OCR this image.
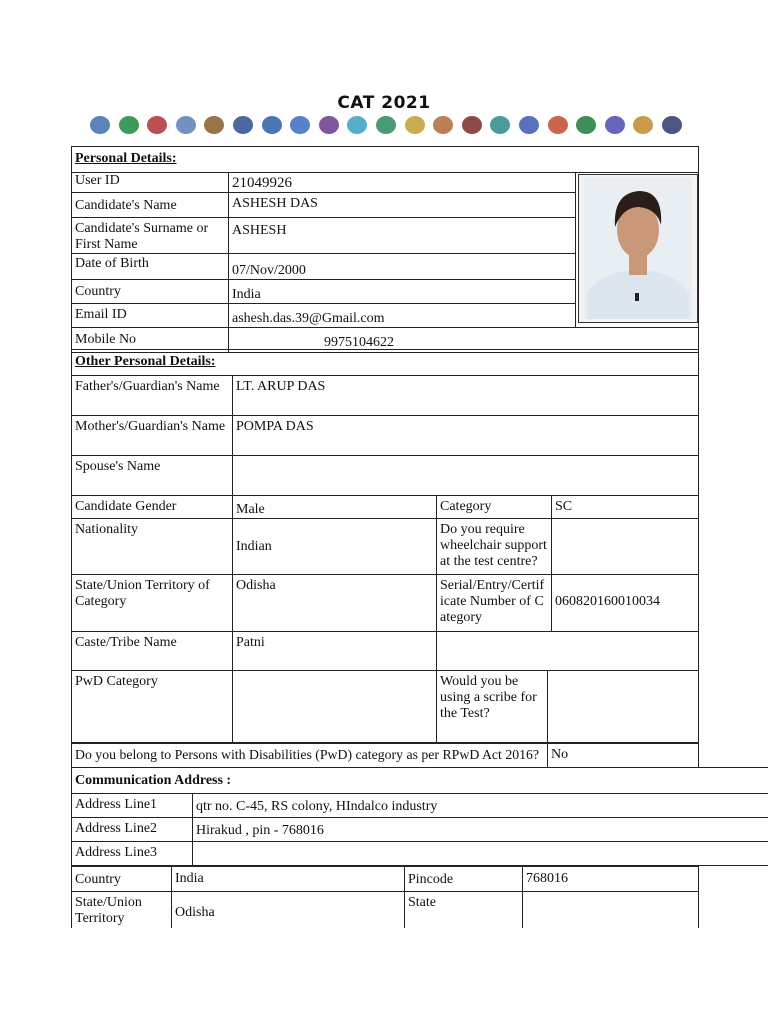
CAT 2021
Personal Details:		
User ID	21049926	
Candidate's Name	ASHESH DAS	
Candidate's Surname or First Name	ASHESH	
Date of Birth	07/Nov/2000	
Country	India	
Email ID	ashesh.das.39@Gmail.com	
Mobile No	9975104622	
Other Personal Details:				
Father's/Guardian's Name	LT. ARUP DAS			
Mother's/Guardian's Name	POMPA DAS			
Spouse's Name				
Candidate Gender	Male	Category		SC
Nationality	Indian	Do you require wheelchair support at the test centre?		
State/Union Territory of Category	Odisha	Serial/Entry/Certificate Number of Category		060820160010034
Caste/Tribe Name	Patni			
PwD Category		Would you be using a scribe for the Test?		
Do you belong to Persons with Disabilities (PwD) category as per RPwD Act 2016?	No
Communication Address :	
Address Line1	qtr no. C-45, RS colony, HIndalco industry
Address Line2	Hirakud , pin - 768016
Address Line3	
Country	India	Pincode	768016
State/Union Territory	Odisha	State	
